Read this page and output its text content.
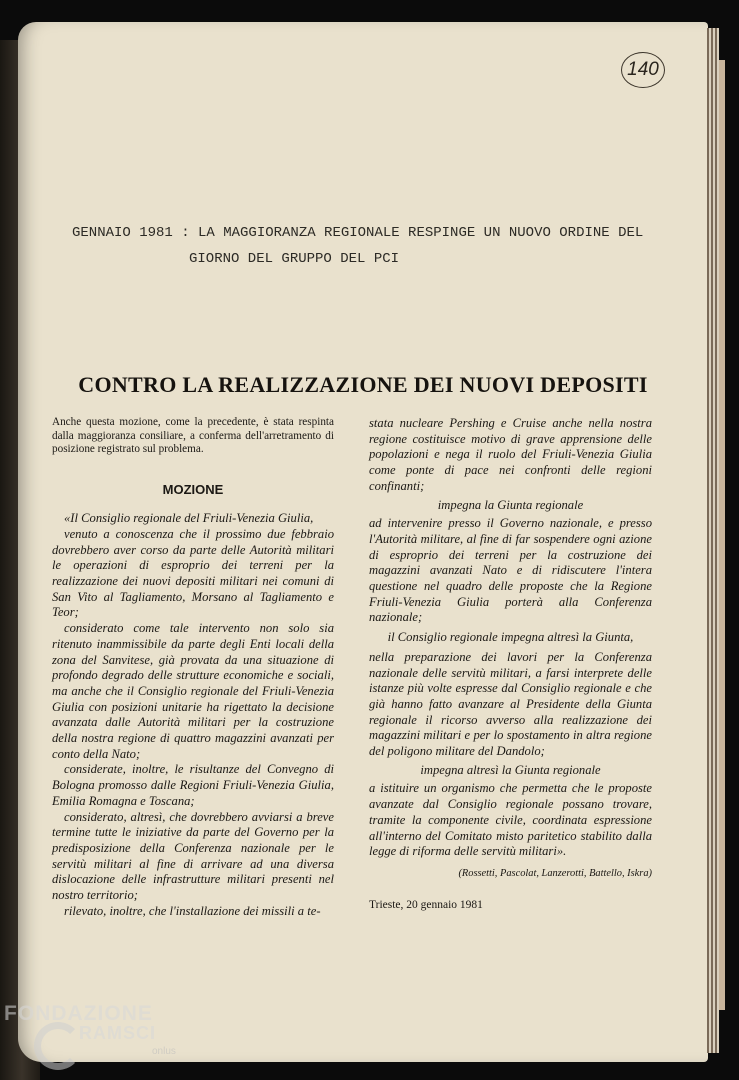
140
GENNAIO 1981 : LA MAGGIORANZA REGIONALE RESPINGE UN NUOVO ORDINE DEL
GIORNO DEL GRUPPO DEL PCI
CONTRO LA REALIZZAZIONE DEI NUOVI DEPOSITI

Anche questa mozione, come la precedente, è stata respinta dalla maggioranza consiliare, a conferma dell'arretramento di posizione registrato sul problema.

MOZIONE

«Il Consiglio regionale del Friuli-Venezia Giulia,

venuto a conoscenza che il prossimo due febbraio dovrebbero aver corso da parte delle Autorità militari le operazioni di esproprio dei terreni per la realizzazione dei nuovi depositi militari nei comuni di San Vito al Tagliamento, Morsano al Tagliamento e Teor;

considerato come tale intervento non solo sia ritenuto inammissibile da parte degli Enti locali della zona del Sanvitese, già provata da una situazione di profondo degrado delle strutture economiche e sociali, ma anche che il Consiglio regionale del Friuli-Venezia Giulia con posizioni unitarie ha rigettato la decisione avanzata dalle Autorità militari per la costruzione della nostra regione di quattro magazzini avanzati per conto della Nato;

considerate, inoltre, le risultanze del Convegno di Bologna promosso dalle Regioni Friuli-Venezia Giulia, Emilia Romagna e Toscana;

considerato, altresì, che dovrebbero avviarsi a breve termine tutte le iniziative da parte del Governo per la predisposizione della Conferenza nazionale per le servitù militari al fine di arrivare ad una diversa dislocazione delle infrastrutture militari presenti nel nostro territorio;

rilevato, inoltre, che l'installazione dei missili a te-

stata nucleare Pershing e Cruise anche nella nostra regione costituisce motivo di grave apprensione delle popolazioni e nega il ruolo del Friuli-Venezia Giulia come ponte di pace nei confronti delle regioni confinanti;

impegna la Giunta regionale

ad intervenire presso il Governo nazionale, e presso l'Autorità militare, al fine di far sospendere ogni azione di esproprio dei terreni per la costruzione dei magazzini avanzati Nato e di ridiscutere l'intera questione nel quadro delle proposte che la Regione Friuli-Venezia Giulia porterà alla Conferenza nazionale;

il Consiglio regionale impegna altresì la Giunta,

nella preparazione dei lavori per la Conferenza nazionale delle servitù militari, a farsi interprete delle istanze più volte espresse dal Consiglio regionale e che già hanno fatto avanzare al Presidente della Giunta regionale il ricorso avverso alla realizzazione dei magazzini militari e per lo spostamento in altra regione del poligono militare del Dandolo;

impegna altresì la Giunta regionale

a istituire un organismo che permetta che le proposte avanzate dal Consiglio regionale possano trovare, tramite la componente civile, coordinata espressione all'interno del Comitato misto paritetico stabilito dalla legge di riforma delle servitù militari».

(Rossetti, Pascolat, Lanzerotti, Battello, Iskra)

Trieste, 20 gennaio 1981

FONDAZIONE
RAMSCI
onlus
